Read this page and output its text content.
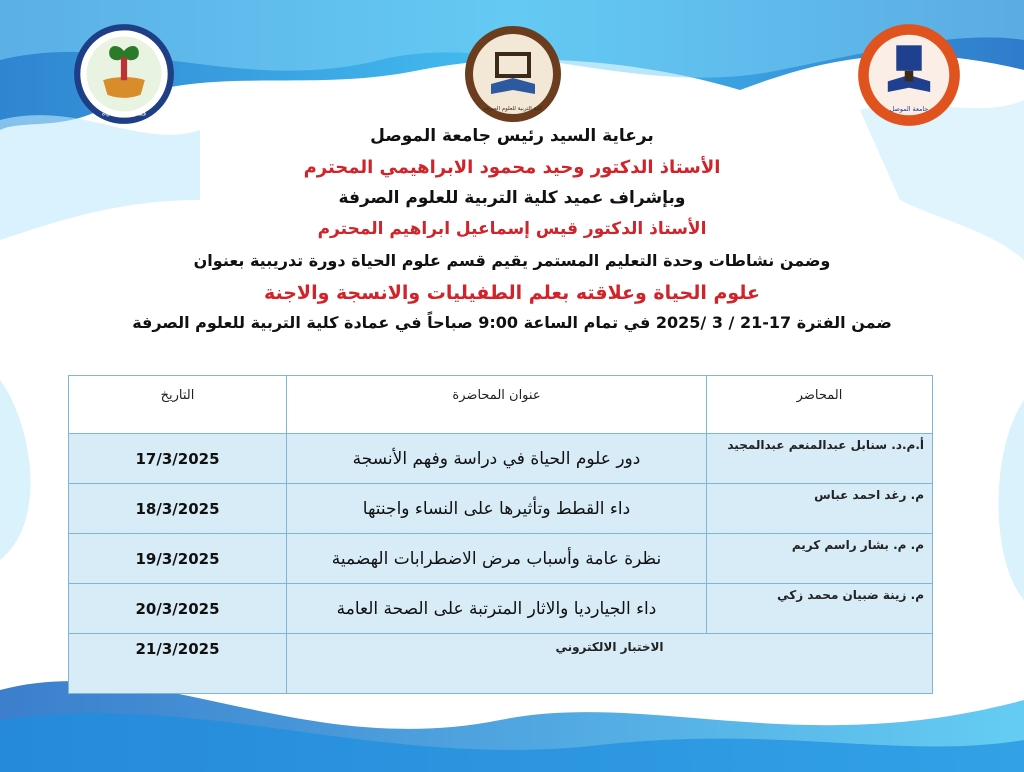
قسم علوم الحياة
كلية التربية للعلوم الصرفة	جامعة الموصل
برعاية السيد رئيس جامعة الموصل
الأستاذ الدكتور وحيد محمود الابراهيمي المحترم
وبإشراف عميد كلية التربية للعلوم الصرفة
الأستاذ الدكتور قيس إسماعيل ابراهيم المحترم
وضمن نشاطات وحدة التعليم المستمر يقيم قسم علوم الحياة دورة تدريبية بعنوان
علوم الحياة وعلاقته بعلم الطفيليات والانسجة والاجنة
ضمن الفترة 17-21 / 3 /2025 في تمام الساعة 9:00 صباحاً في عمادة كلية التربية للعلوم الصرفة
المحاضر	عنوان المحاضرة	التاريخ
أ.م.د. سنابل عبدالمنعم عبدالمجيد	دور علوم الحياة في دراسة وفهم الأنسجة	17/3/2025
م. رغد احمد عباس	داء القطط وتأثيرها على النساء واجنتها	18/3/2025
م. م. بشار راسم كريم	نظرة عامة وأسباب مرض الاضطرابات الهضمية	19/3/2025
م. زينة ضبيان محمد زكي	داء الجيارديا والاثار المترتبة على الصحة العامة	20/3/2025
الاختبار الالكتروني		21/3/2025
